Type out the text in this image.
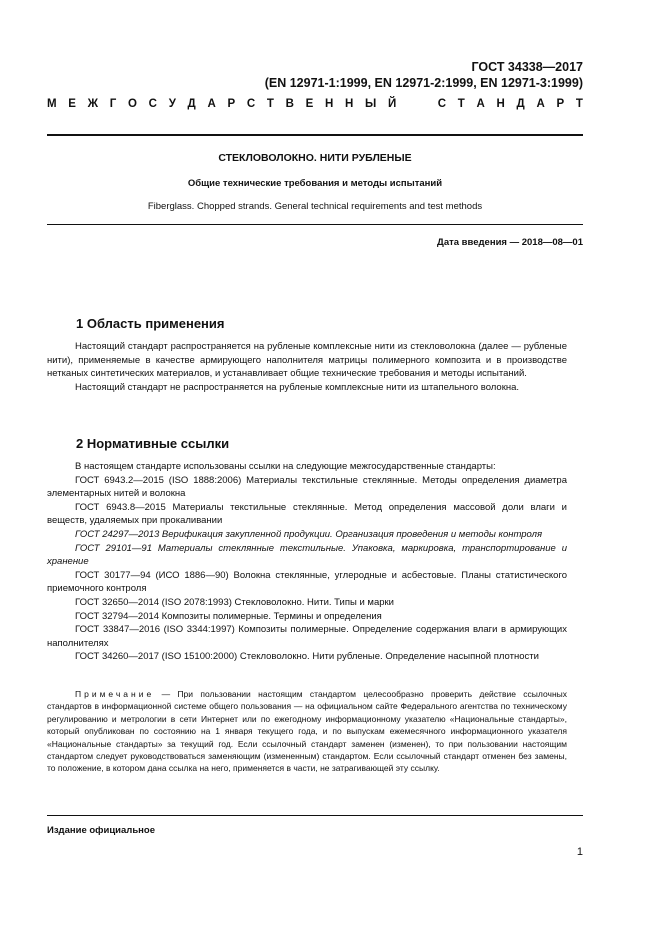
ГОСТ 34338—2017
(EN 12971-1:1999, EN 12971-2:1999, EN 12971-3:1999)
М Е Ж Г О С У Д А Р С Т В Е Н Н Ы Й

	С Т А Н Д А Р Т
СТЕКЛОВОЛОКНО. НИТИ РУБЛЕНЫЕ
Общие технические требования и методы испытаний
Fiberglass. Chopped strands. General technical requirements and test methods
Дата введения — 2018—08—01
1 Область применения

Настоящий стандарт распространяется на рубленые комплексные нити из стекловолокна (далее — рубленые нити), применяемые в качестве армирующего наполнителя матрицы полимерного композита и в производстве нетканых синтетических материалов, и устанавливает общие технические требования и методы испытаний.

Настоящий стандарт не распространяется на рубленые комплексные нити из штапельного волокна.

2 Нормативные ссылки

В настоящем стандарте использованы ссылки на следующие межгосударственные стандарты:

ГОСТ 6943.2—2015 (ISO 1888:2006) Материалы текстильные стеклянные. Методы определения диаметра элементарных нитей и волокна

ГОСТ 6943.8—2015 Материалы текстильные стеклянные. Метод определения массовой доли влаги и веществ, удаляемых при прокаливании

ГОСТ 24297—2013 Верификация закупленной продукции. Организация проведения и методы контроля

ГОСТ 29101—91 Материалы стеклянные текстильные. Упаковка, маркировка, транспортирование и хранение

ГОСТ 30177—94 (ИСО 1886—90) Волокна стеклянные, углеродные и асбестовые. Планы статистического приемочного контроля

ГОСТ 32650—2014 (ISO 2078:1993) Стекловолокно. Нити. Типы и марки

ГОСТ 32794—2014 Композиты полимерные. Термины и определения

ГОСТ 33847—2016 (ISO 3344:1997) Композиты полимерные. Определение содержания влаги в армирующих наполнителях

ГОСТ 34260—2017 (ISO 15100:2000) Стекловолокно. Нити рубленые. Определение насыпной плотности

Примечание — При пользовании настоящим стандартом целесообразно проверить действие ссылочных стандартов в информационной системе общего пользования — на официальном сайте Федерального агентства по техническому регулированию и метрологии в сети Интернет или по ежегодному информационному указателю «Национальные стандарты», который опубликован по состоянию на 1 января текущего года, и по выпускам ежемесячного информационного указателя «Национальные стандарты» за текущий год. Если ссылочный стандарт заменен (изменен), то при пользовании настоящим стандартом следует руководствоваться заменяющим (измененным) стандартом. Если ссылочный стандарт отменен без замены, то положение, в котором дана ссылка на него, применяется в части, не затрагивающей эту ссылку.

Издание официальное
1
